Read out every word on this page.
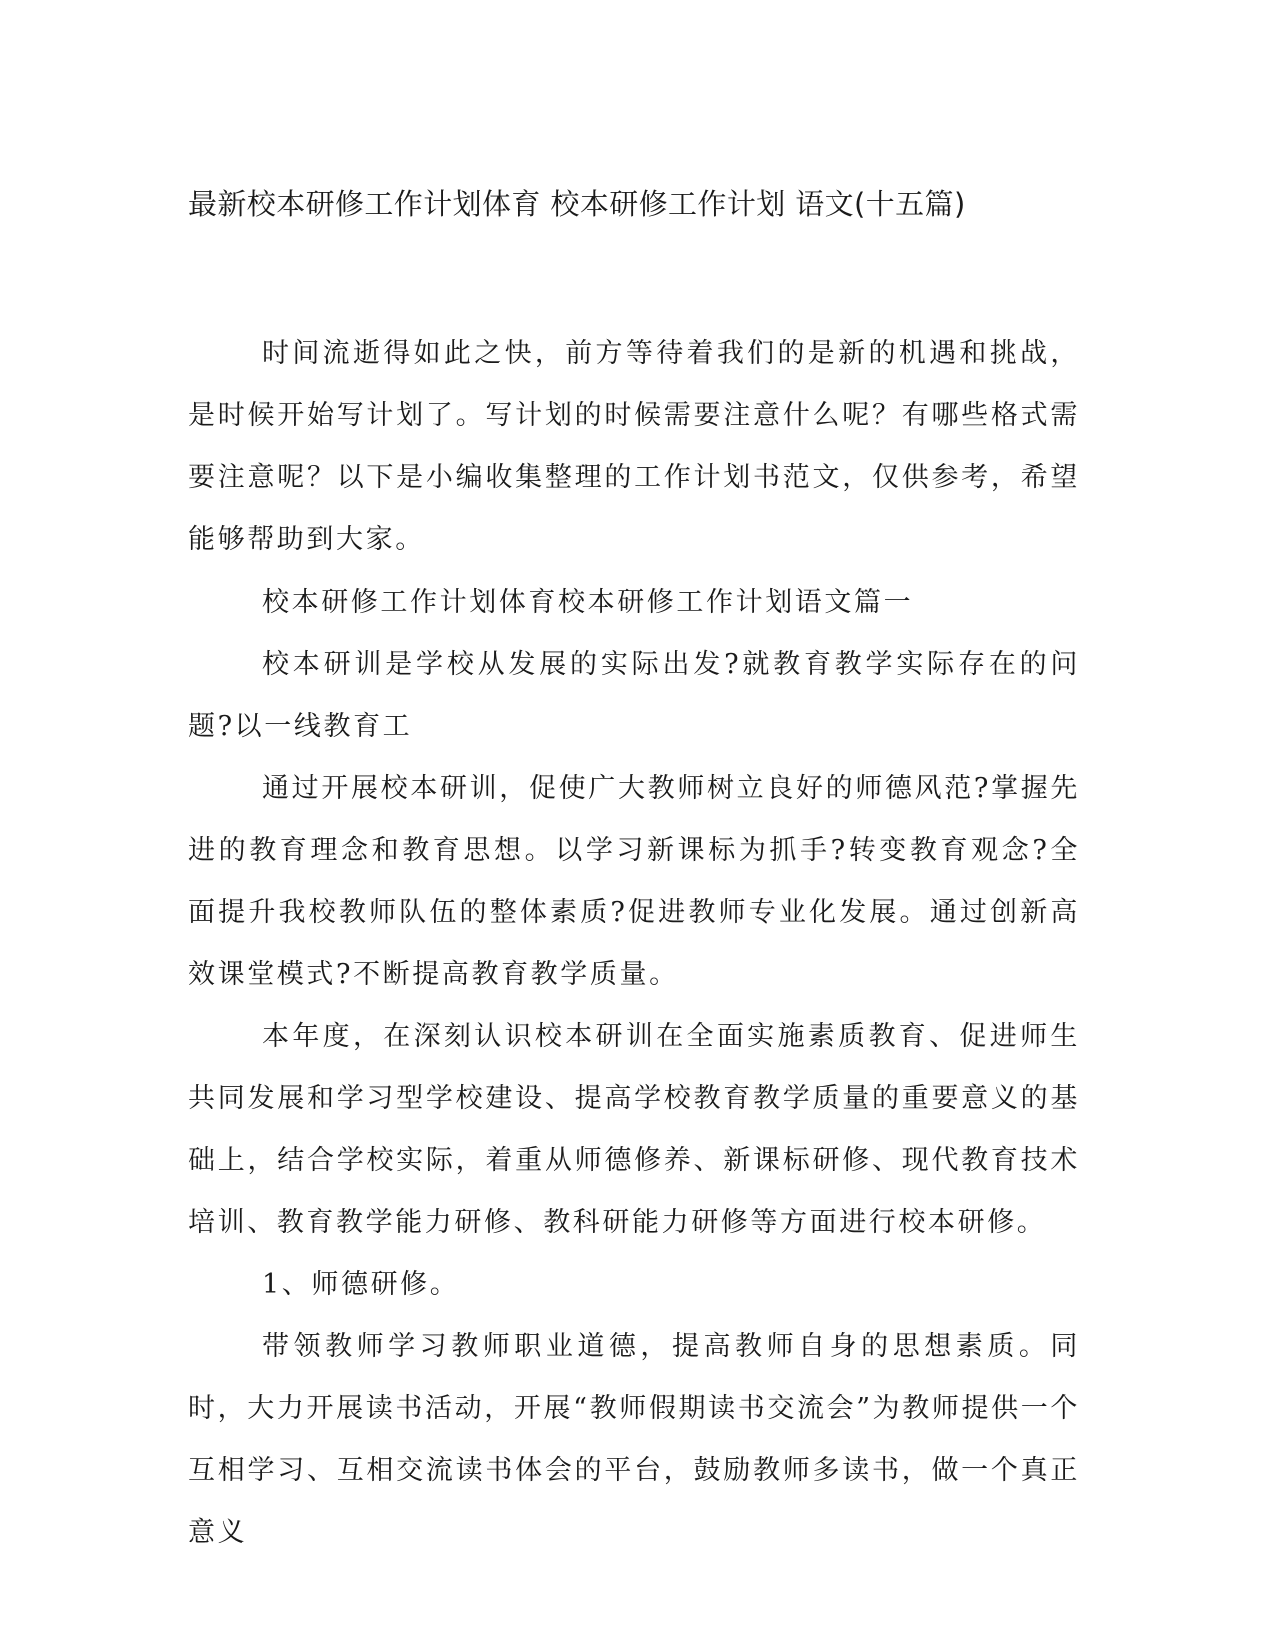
最新校本研修工作计划体育 校本研修工作计划 语文(十五篇)

时间流逝得如此之快，前方等待着我们的是新的机遇和挑战，是时候开始写计划了。写计划的时候需要注意什么呢？有哪些格式需要注意呢？以下是小编收集整理的工作计划书范文，仅供参考，希望能够帮助到大家。

校本研修工作计划体育校本研修工作计划语文篇一

校本研训是学校从发展的实际出发?就教育教学实际存在的问题?以一线教育工

通过开展校本研训，促使广大教师树立良好的师德风范?掌握先进的教育理念和教育思想。以学习新课标为抓手?转变教育观念?全面提升我校教师队伍的整体素质?促进教师专业化发展。通过创新高效课堂模式?不断提高教育教学质量。

本年度，在深刻认识校本研训在全面实施素质教育、促进师生共同发展和学习型学校建设、提高学校教育教学质量的重要意义的基础上，结合学校实际，着重从师德修养、新课标研修、现代教育技术培训、教育教学能力研修、教科研能力研修等方面进行校本研修。

1、师德研修。

带领教师学习教师职业道德，提高教师自身的思想素质。同时，大力开展读书活动，开展“教师假期读书交流会”为教师提供一个互相学习、互相交流读书体会的平台，鼓励教师多读书，做一个真正意义
